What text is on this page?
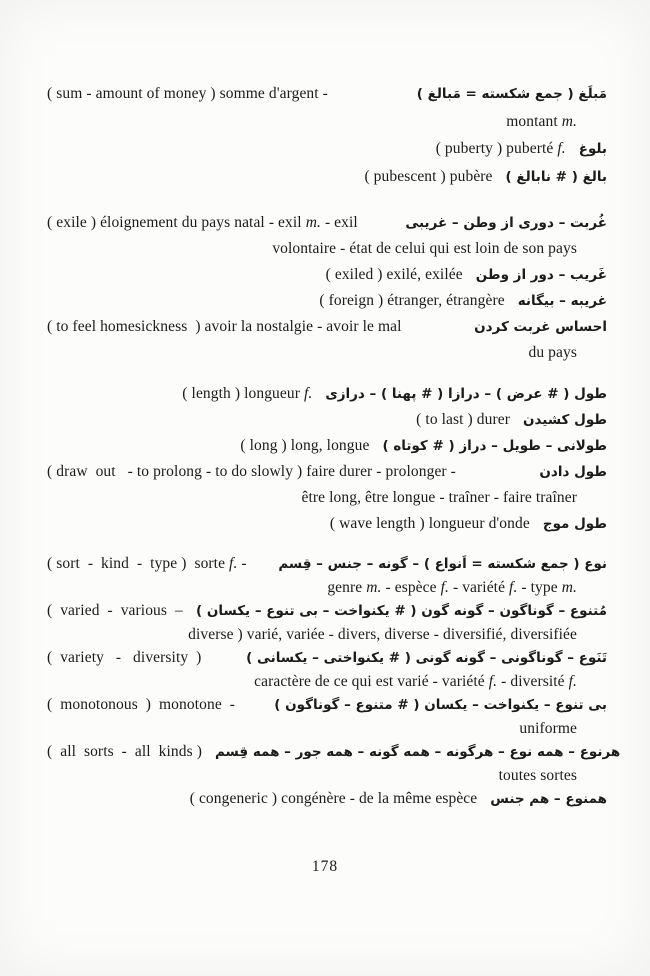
( sum - amount of money ) somme d'argent -	مَبلَغ ( جمع شکسته = مَبالغ )
montant m.
( puberty ) puberté f. بلوغ
( pubescent ) pubère بالغ ( # نابالغ )
( exile ) éloignement du pays natal - exil m. - exil	غُربت – دوری از وطن – غریبی
volontaire - état de celui qui est loin de son pays
( exiled ) exilé, exilée غَریب – دور از وطن
( foreign ) étranger, étrangère غریبه – بیگانه
( to feel homesickness  ) avoir la nostalgie - avoir le mal	احساس غربت کردن
du pays
( length ) longueur f. طول ( # عرض ) – درازا ( # پهنا ) – درازی
( to last ) durer طول کشیدن
( long ) long, longue طولانی – طویل – دراز ( # کوتاه )
( draw  out   - to prolong - to do slowly ) faire durer - prolonger -	طول دادن
être long, être longue - traîner - faire traîner
( wave length ) longueur d'onde طول موج
( sort  -  kind  -  type )  sorte f. - نوع ( جمع شکسته = اَنواع ) – گونه – جنس – قِسم
genre m. - espèce f. - variété f. - type m.
(  varied  -  various  – مُتنوع – گوناگون – گونه گون ( # یکنواخت – بی تنوع – یکسان )
diverse ) varié, variée - divers, diverse - diversifié, diversifiée
(  variety   -   diversity  )	تَنَوع – گوناگونی – گونه گونی ( # یکنواختی – یکسانی )
caractère de ce qui est varié - variété f. - diversité f.
(  monotonous  )  monotone  -	بی تنوع – یکنواخت – یکسان ( # متنوع – گوناگون )
uniforme
(  all  sorts  -  all  kinds ) هرنوع – همه نوع – هرگونه – همه گونه – همه جور – همه قِسم
toutes sortes
( congeneric ) congénère - de la même espèce همنوع – هم جنس
178
